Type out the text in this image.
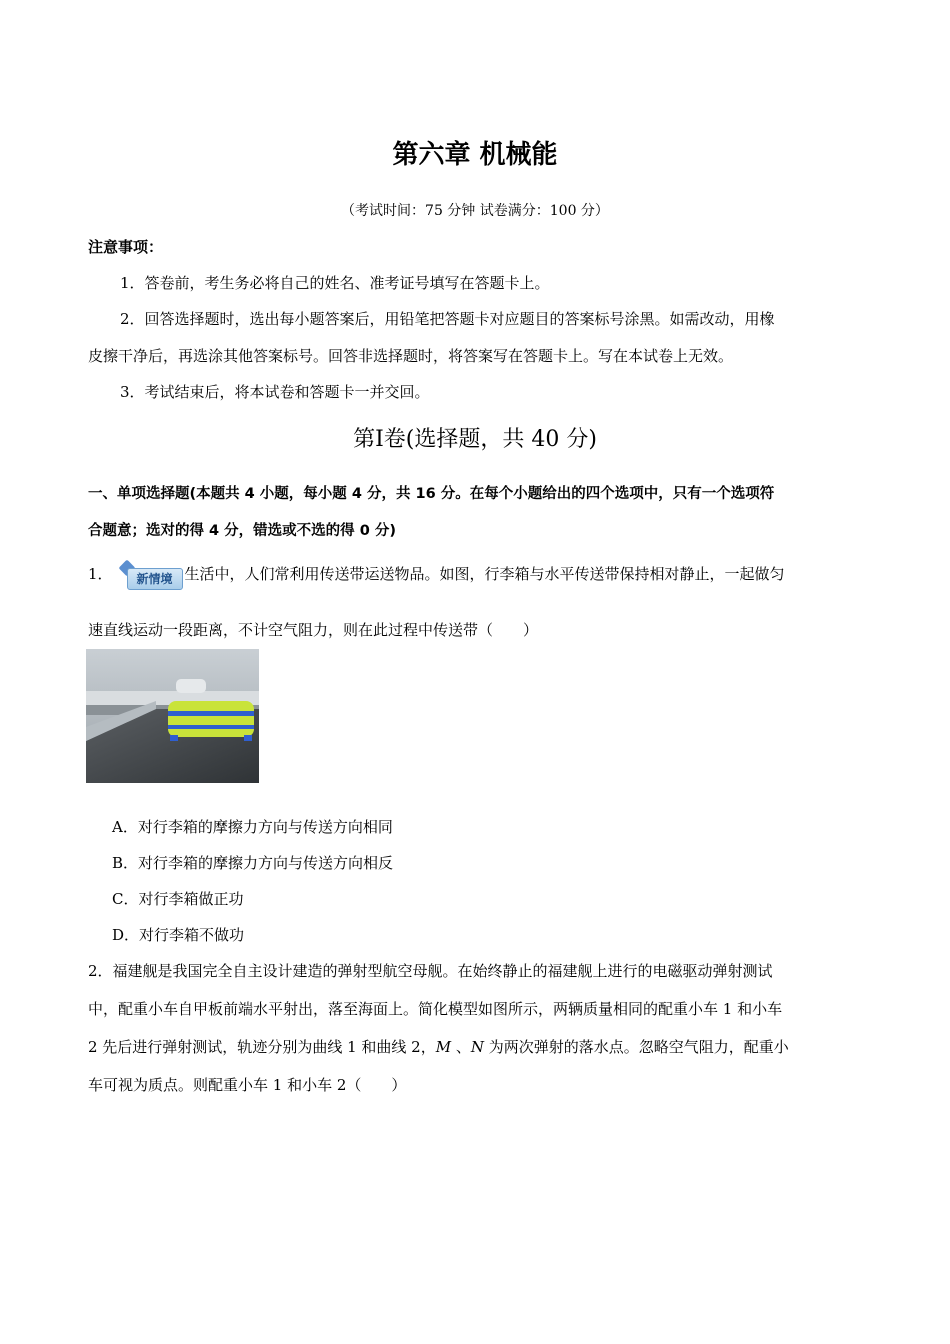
第六章 机械能
（考试时间：75 分钟 试卷满分：100 分）
注意事项：
1．答卷前，考生务必将自己的姓名、准考证号填写在答题卡上。
2．回答选择题时，选出每小题答案后，用铅笔把答题卡对应题目的答案标号涂黑。如需改动，用橡
皮擦干净后，再选涂其他答案标号。回答非选择题时，将答案写在答题卡上。写在本试卷上无效。
3．考试结束后，将本试卷和答题卡一并交回。
第Ⅰ卷(选择题，共 40 分)
一、单项选择题(本题共 4 小题，每小题 4 分，共 16 分。在每个小题给出的四个选项中，只有一个选项符
合题意；选对的得 4 分，错选或不选的得 0 分)
1．	新情境 生活中，人们常利用传送带运送物品。如图，行李箱与水平传送带保持相对静止，一起做匀
速直线运动一段距离，不计空气阻力，则在此过程中传送带（　　）
A．对行李箱的摩擦力方向与传送方向相同
B．对行李箱的摩擦力方向与传送方向相反
C．对行李箱做正功
D．对行李箱不做功
2．福建舰是我国完全自主设计建造的弹射型航空母舰。在始终静止的福建舰上进行的电磁驱动弹射测试
中，配重小车自甲板前端水平射出，落至海面上。简化模型如图所示，两辆质量相同的配重小车 1 和小车
2 先后进行弹射测试，轨迹分别为曲线 1 和曲线 2，M 、N 为两次弹射的落水点。忽略空气阻力，配重小
车可视为质点。则配重小车 1 和小车 2（　　）
